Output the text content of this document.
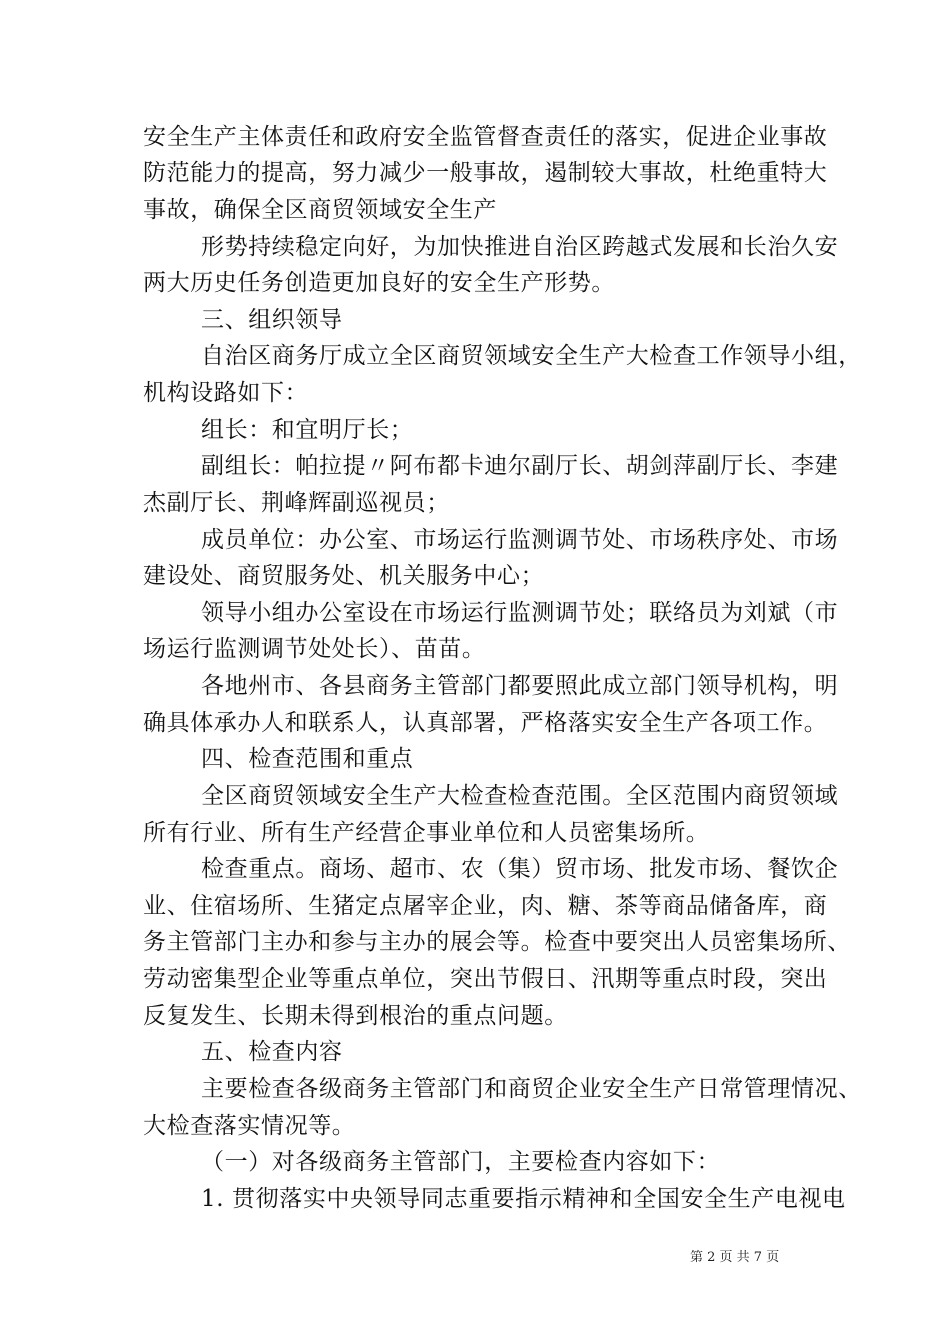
安全生产主体责任和政府安全监管督查责任的落实，促进企业事故
防范能力的提高，努力减少一般事故，遏制较大事故，杜绝重特大
事故，确保全区商贸领域安全生产
形势持续稳定向好，为加快推进自治区跨越式发展和长治久安
两大历史任务创造更加良好的安全生产形势。
三、组织领导
自治区商务厅成立全区商贸领域安全生产大检查工作领导小组，
机构设路如下：
组长：和宜明厅长；
副组长：帕拉提〃阿布都卡迪尔副厅长、胡剑萍副厅长、李建
杰副厅长、荆峰辉副巡视员；
成员单位：办公室、市场运行监测调节处、市场秩序处、市场
建设处、商贸服务处、机关服务中心；
领导小组办公室设在市场运行监测调节处；联络员为刘斌（市
场运行监测调节处处长）、苗苗。
各地州市、各县商务主管部门都要照此成立部门领导机构，明
确具体承办人和联系人，认真部署，严格落实安全生产各项工作。
四、检查范围和重点
全区商贸领域安全生产大检查检查范围。全区范围内商贸领域
所有行业、所有生产经营企事业单位和人员密集场所。
检查重点。商场、超市、农（集）贸市场、批发市场、餐饮企
业、住宿场所、生猪定点屠宰企业，肉、糖、茶等商品储备库，商
务主管部门主办和参与主办的展会等。检查中要突出人员密集场所、
劳动密集型企业等重点单位，突出节假日、汛期等重点时段，突出
反复发生、长期未得到根治的重点问题。
五、检查内容
主要检查各级商务主管部门和商贸企业安全生产日常管理情况、
大检查落实情况等。
（一）对各级商务主管部门，主要检查内容如下：
1. 贯彻落实中央领导同志重要指示精神和全国安全生产电视电
第 2 页 共 7 页
